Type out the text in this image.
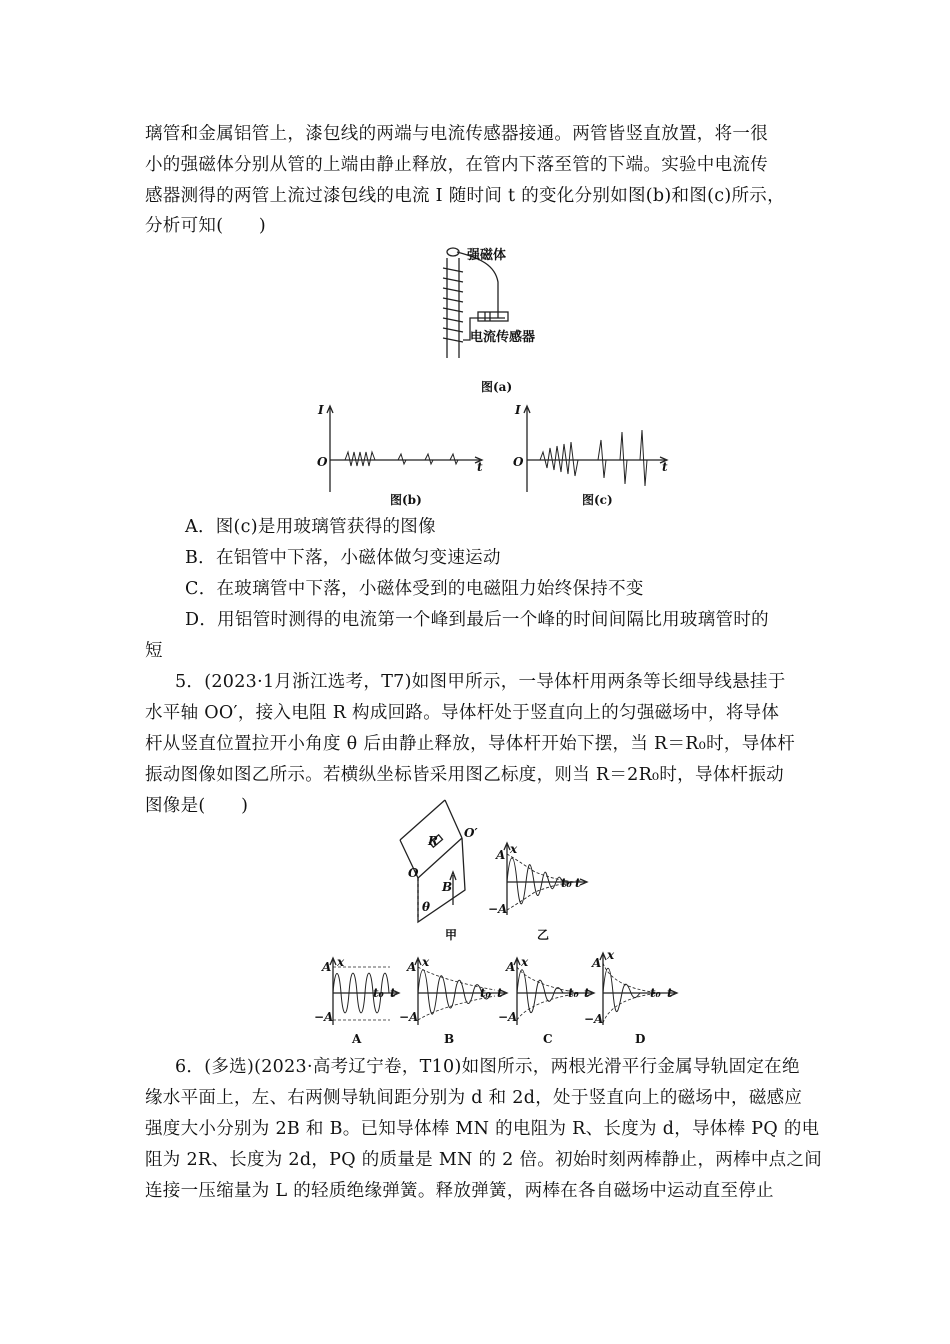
璃管和金属铝管上，漆包线的两端与电流传感器接通。两管皆竖直放置，将一很
小的强磁体分别从管的上端由静止释放，在管内下落至管的下端。实验中电流传
感器测得的两管上流过漆包线的电流 I 随时间 t 的变化分别如图(b)和图(c)所示，
分析可知(　　)
强磁体
电流传感器
图(a)
I
t
O
图(b)
I
t
O
图(c)
A．图(c)是用玻璃管获得的图像
B．在铝管中下落，小磁体做匀变速运动
C．在玻璃管中下落，小磁体受到的电磁阻力始终保持不变
D．用铝管时测得的电流第一个峰到最后一个峰的时间间隔比用玻璃管时的
短
5．(2023·1月浙江选考，T7)如图甲所示，一导体杆用两条等长细导线悬挂于
水平轴 OO′，接入电阻 R 构成回路。导体杆处于竖直向上的匀强磁场中，将导体
杆从竖直位置拉开小角度 θ 后由静止释放，导体杆开始下摆，当 R＝R₀时，导体杆
振动图像如图乙所示。若横纵坐标皆采用图乙标度，则当 R＝2R₀时，导体杆振动
图像是(　　)
R
O
O′
B
θ
甲
x
A
−A
t₀ t
乙
x
A
−A
t₀ t
A
x
A
−A
t₀ t
B
x
A
−A
t₀ t
C
x
A
−A
t₀ t
D
6．(多选)(2023·高考辽宁卷，T10)如图所示，两根光滑平行金属导轨固定在绝
缘水平面上，左、右两侧导轨间距分别为 d 和 2d，处于竖直向上的磁场中，磁感应
强度大小分别为 2B 和 B。已知导体棒 MN 的电阻为 R、长度为 d，导体棒 PQ 的电
阻为 2R、长度为 2d，PQ 的质量是 MN 的 2 倍。初始时刻两棒静止，两棒中点之间
连接一压缩量为 L 的轻质绝缘弹簧。释放弹簧，两棒在各自磁场中运动直至停止
